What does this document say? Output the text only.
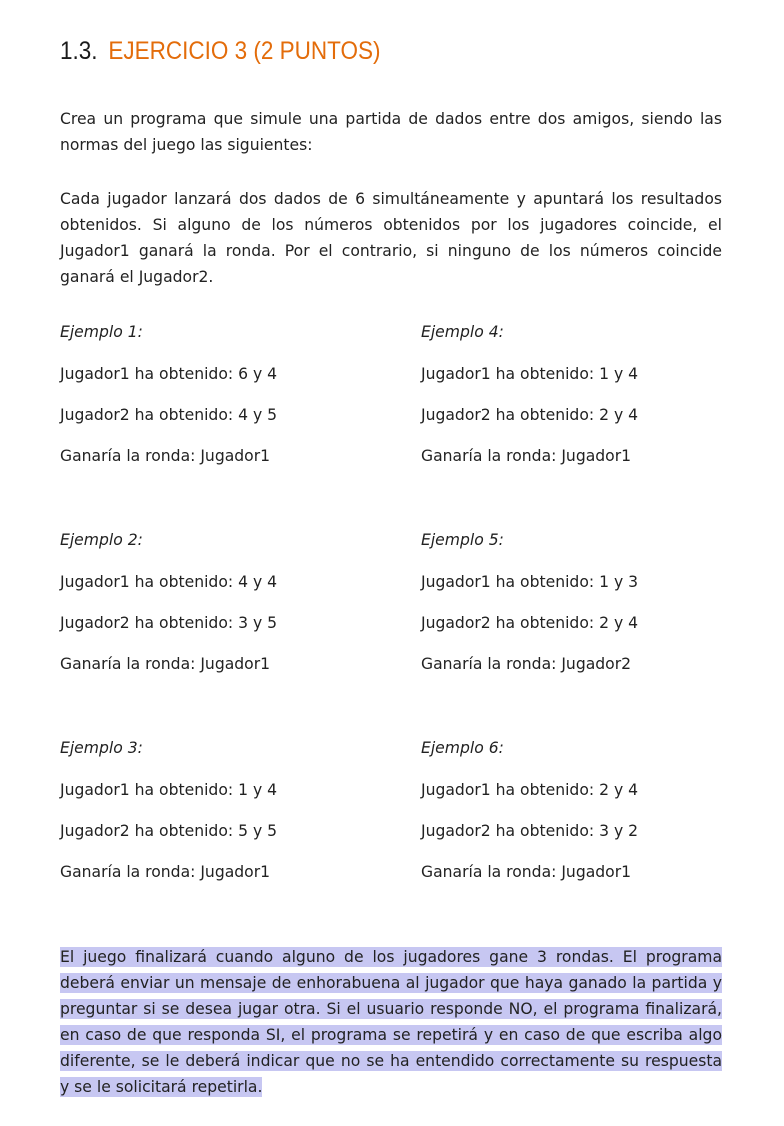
1.3. EJERCICIO 3 (2 PUNTOS)

Crea un programa que simule una partida de dados entre dos amigos, siendo las normas del juego las siguientes:

Cada jugador lanzará dos dados de 6 simultáneamente y apuntará los resultados obtenidos. Si alguno de los números obtenidos por los jugadores coincide, el Jugador1 ganará la ronda. Por el contrario, si ninguno de los números coincide ganará el Jugador2.

Ejemplo 1:
Jugador1 ha obtenido: 6 y 4
Jugador2 ha obtenido: 4 y 5
Ganaría la ronda: Jugador1
Ejemplo 2:
Jugador1 ha obtenido: 4 y 4
Jugador2 ha obtenido: 3 y 5
Ganaría la ronda: Jugador1
Ejemplo 3:
Jugador1 ha obtenido: 1 y 4
Jugador2 ha obtenido: 5 y 5
Ganaría la ronda: Jugador1
Ejemplo 4:
Jugador1 ha obtenido: 1 y 4
Jugador2 ha obtenido: 2 y 4
Ganaría la ronda: Jugador1
Ejemplo 5:
Jugador1 ha obtenido: 1 y 3
Jugador2 ha obtenido: 2 y 4
Ganaría la ronda: Jugador2
Ejemplo 6:
Jugador1 ha obtenido: 2 y 4
Jugador2 ha obtenido: 3 y 2
Ganaría la ronda: Jugador1

El juego finalizará cuando alguno de los jugadores gane 3 rondas. El programa deberá enviar un mensaje de enhorabuena al jugador que haya ganado la partida y preguntar si se desea jugar otra. Si el usuario responde NO, el programa finalizará, en caso de que responda SI, el programa se repetirá y en caso de que escriba algo diferente, se le deberá indicar que no se ha entendido correctamente su respuesta y se le solicitará repetirla.
